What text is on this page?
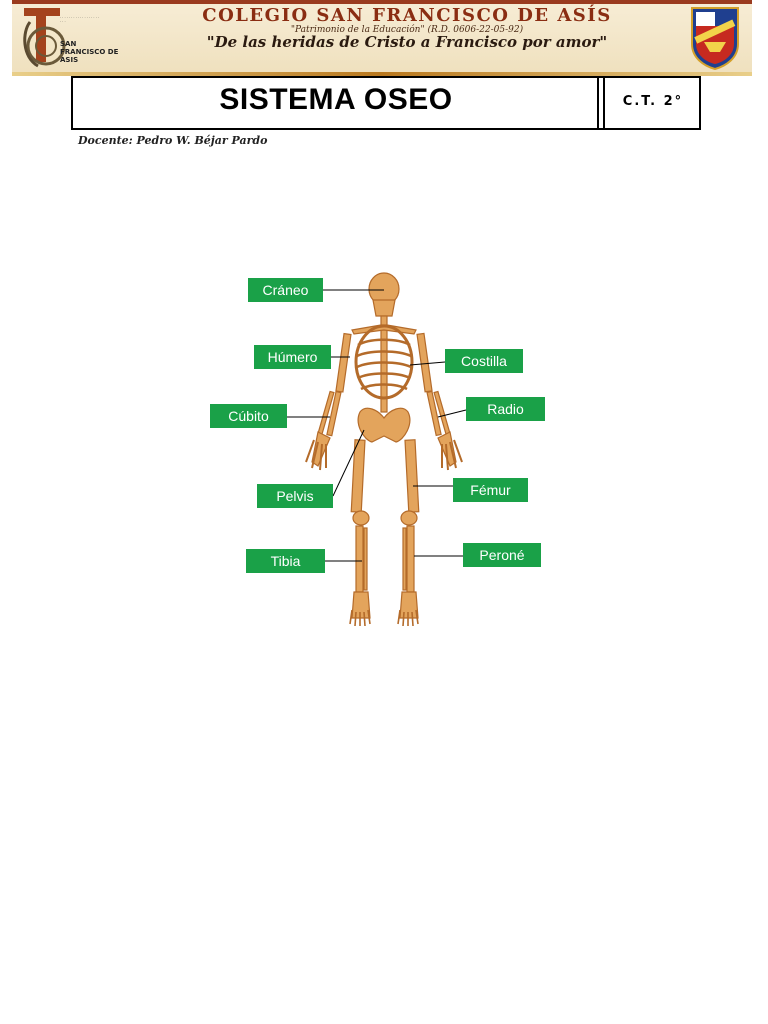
· · · · · · · · · · · · · · · · · · · · ·
SAN FRANCISCO DE ASIS
COLEGIO SAN FRANCISCO DE ASÍS
"Patrimonio de la Educación" (R.D. 0606-22-05-92)
"De las heridas de Cristo a Francisco por amor"
SISTEMA OSEO	C.T. 2°
Docente: Pedro W. Béjar Pardo
Cráneo
Húmero
Cúbito
Pelvis
Tibia
Costilla
Radio
Fémur
Peroné
